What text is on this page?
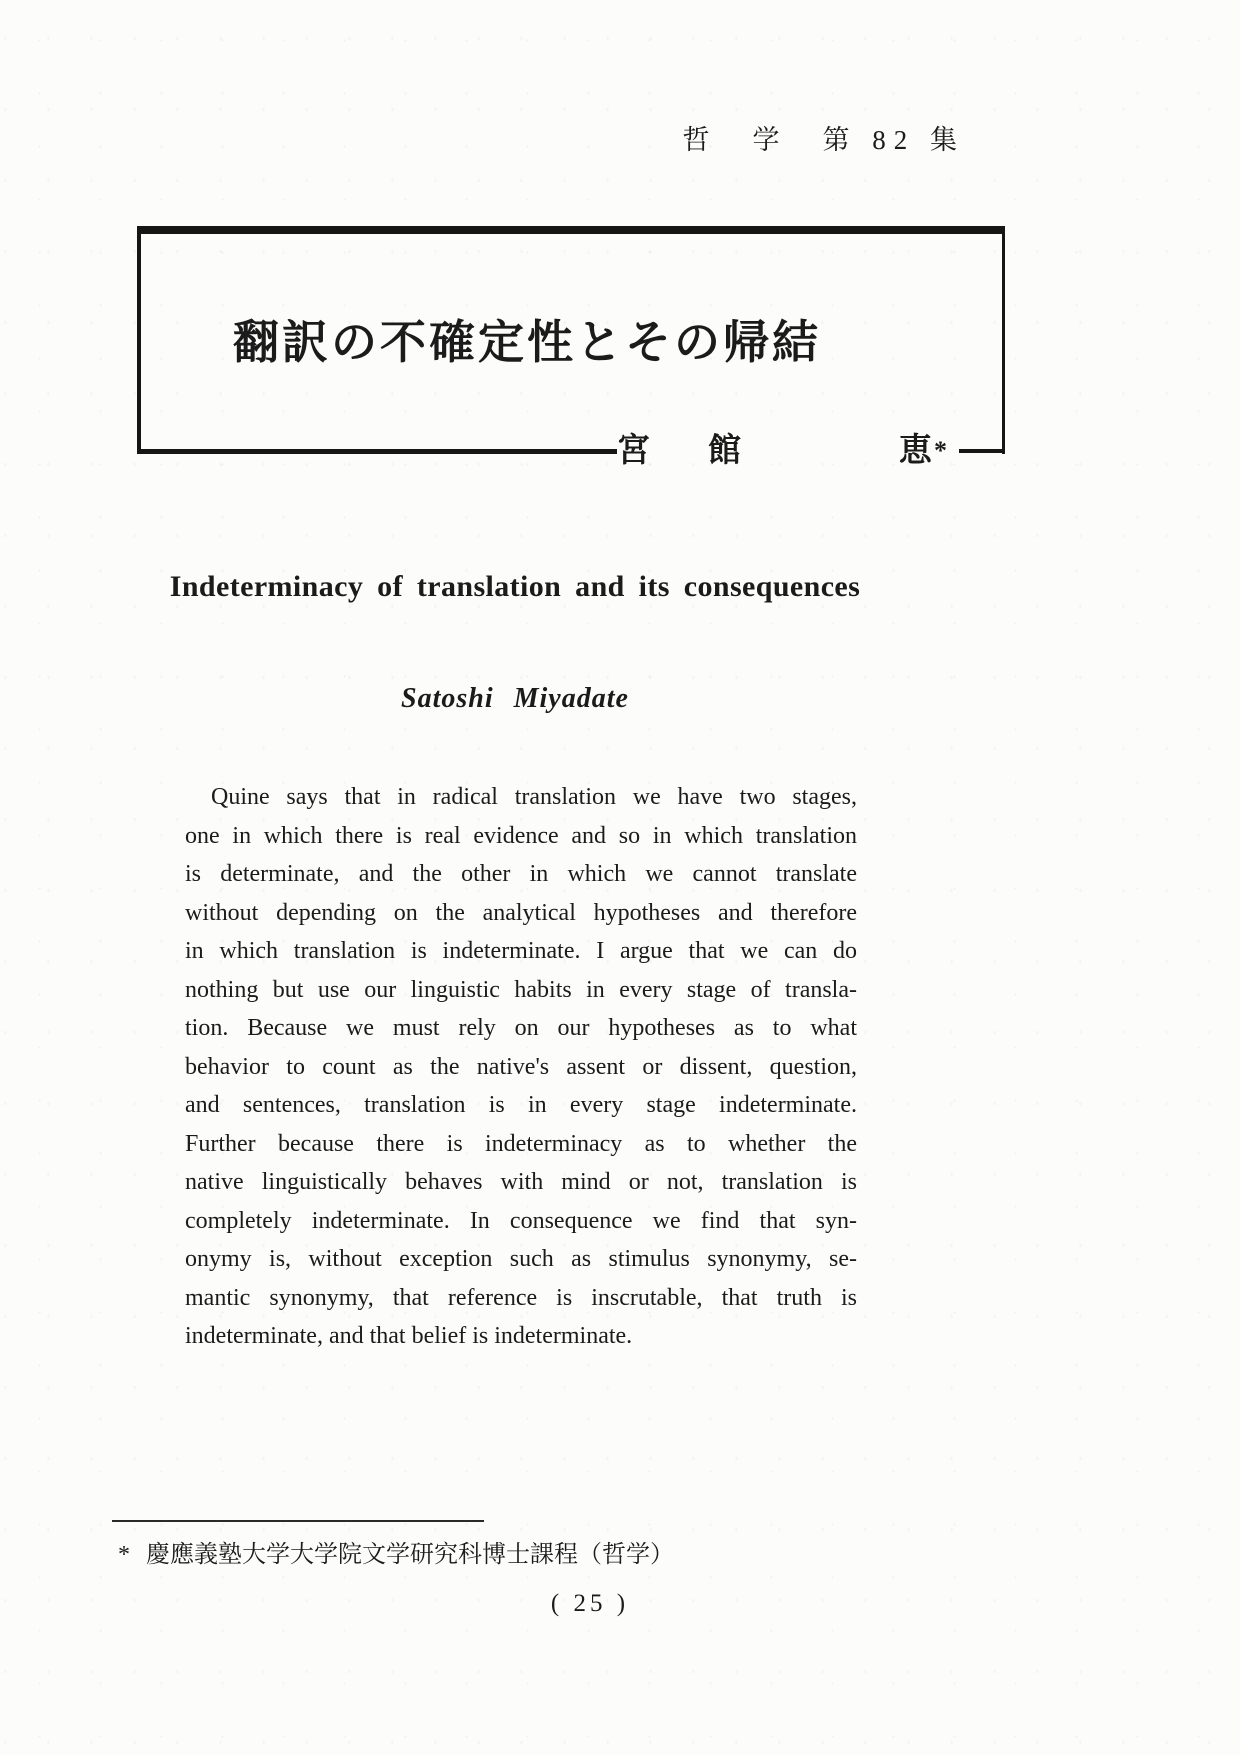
哲　学　第 82 集
翻訳の不確定性とその帰結
宮 館	恵 *
Indeterminacy of translation and its consequences
Satoshi Miyadate
Quine says that in radical translation we have two stages,
one in which there is real evidence and so in which translation
is determinate, and the other in which we cannot translate
without depending on the analytical hypotheses and therefore
in which translation is indeterminate. I argue that we can do
nothing but use our linguistic habits in every stage of transla-
tion. Because we must rely on our hypotheses as to what
behavior to count as the native's assent or dissent, question,
and sentences, translation is in every stage indeterminate.
Further because there is indeterminacy as to whether the
native linguistically behaves with mind or not, translation is
completely indeterminate. In consequence we find that syn-
onymy is, without exception such as stimulus synonymy, se-
mantic synonymy, that reference is inscrutable, that truth is
indeterminate, and that belief is indeterminate.
* 慶應義塾大学大学院文学研究科博士課程（哲学）
( 25 )
